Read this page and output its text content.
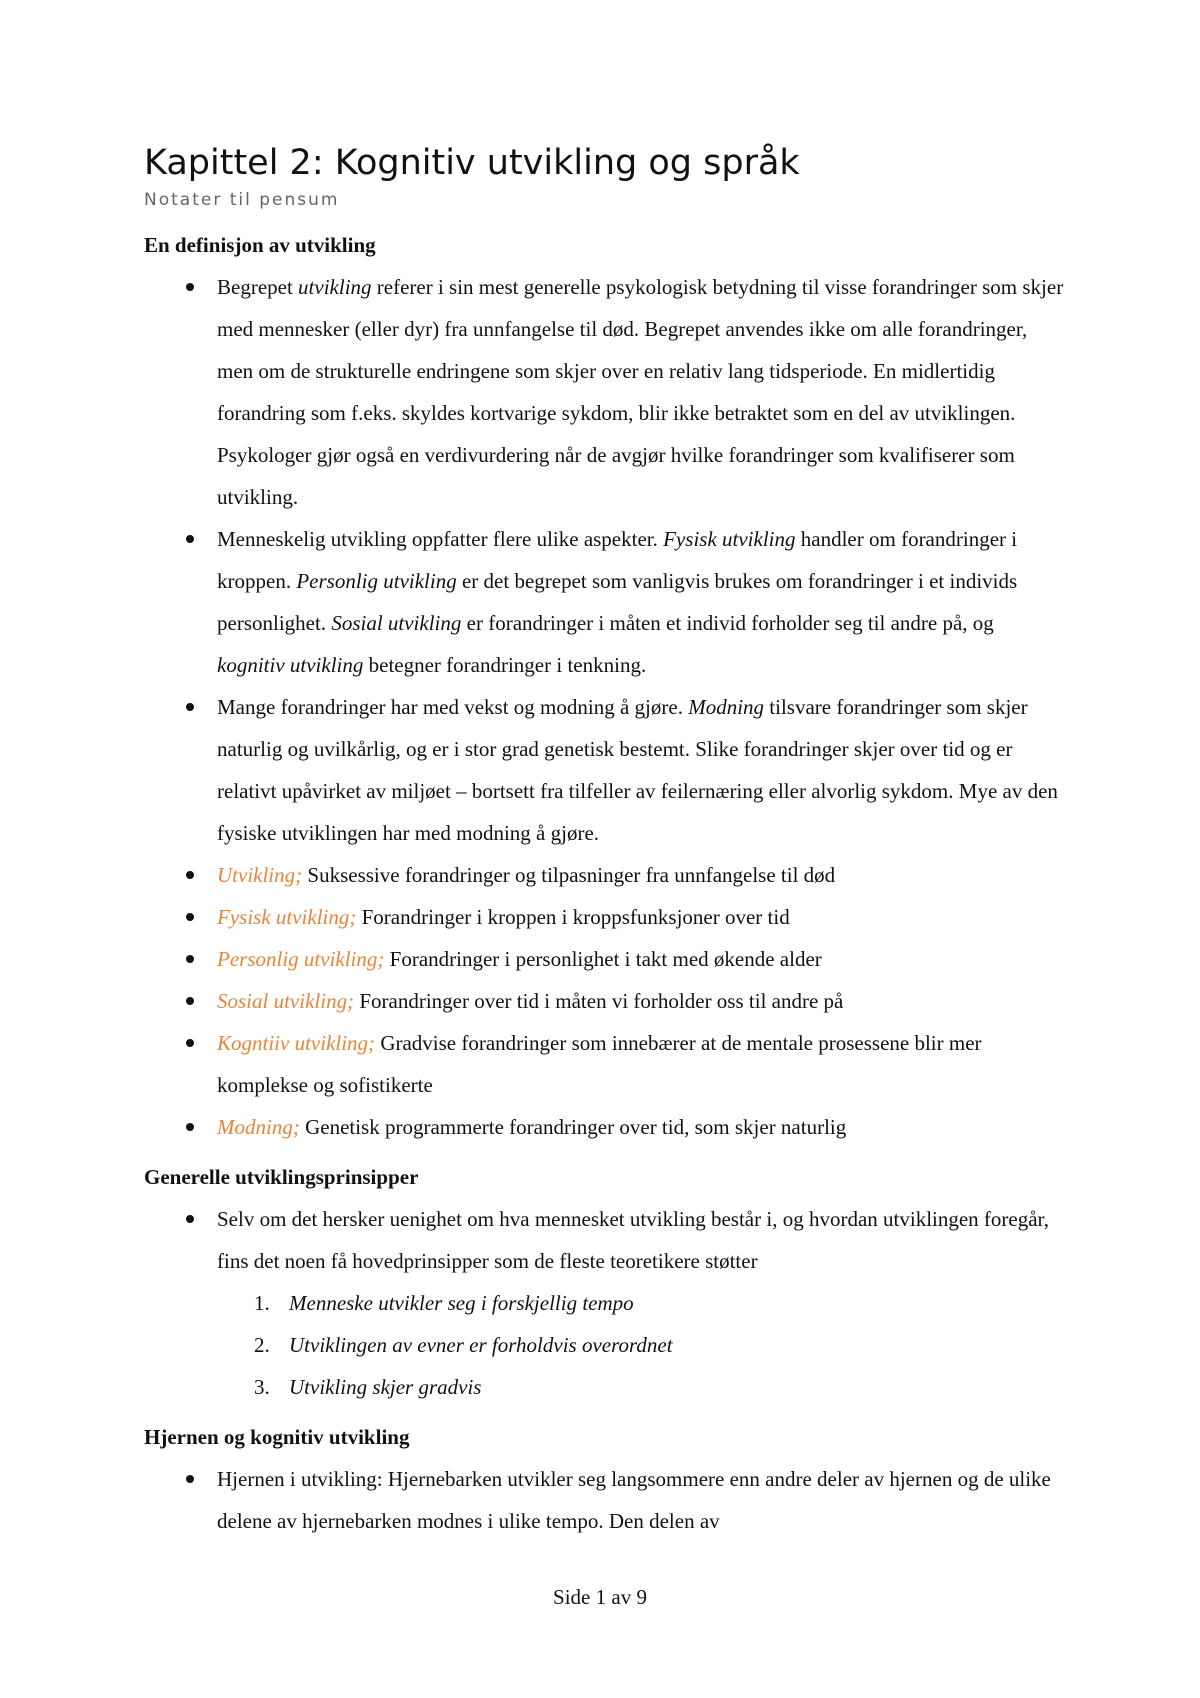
Kapittel 2: Kognitiv utvikling og språk
Notater til pensum
En definisjon av utvikling
Begrepet utvikling referer i sin mest generelle psykologisk betydning til visse forandringer som skjer med mennesker (eller dyr) fra unnfangelse til død. Begrepet anvendes ikke om alle forandringer, men om de strukturelle endringene som skjer over en relativ lang tidsperiode. En midlertidig forandring som f.eks. skyldes kortvarige sykdom, blir ikke betraktet som en del av utviklingen. Psykologer gjør også en verdivurdering når de avgjør hvilke forandringer som kvalifiserer som utvikling.
Menneskelig utvikling oppfatter flere ulike aspekter. Fysisk utvikling handler om forandringer i kroppen. Personlig utvikling er det begrepet som vanligvis brukes om forandringer i et individs personlighet. Sosial utvikling er forandringer i måten et individ forholder seg til andre på, og kognitiv utvikling betegner forandringer i tenkning.
Mange forandringer har med vekst og modning å gjøre. Modning tilsvare forandringer som skjer naturlig og uvilkårlig, og er i stor grad genetisk bestemt. Slike forandringer skjer over tid og er relativt upåvirket av miljøet – bortsett fra tilfeller av feilernæring eller alvorlig sykdom. Mye av den fysiske utviklingen har med modning å gjøre.
Utvikling; Suksessive forandringer og tilpasninger fra unnfangelse til død
Fysisk utvikling; Forandringer i kroppen i kroppsfunksjoner over tid
Personlig utvikling; Forandringer i personlighet i takt med økende alder
Sosial utvikling; Forandringer over tid i måten vi forholder oss til andre på
Kogntiiv utvikling; Gradvise forandringer som innebærer at de mentale prosessene blir mer komplekse og sofistikerte
Modning; Genetisk programmerte forandringer over tid, som skjer naturlig
Generelle utviklingsprinsipper
Selv om det hersker uenighet om hva mennesket utvikling består i, og hvordan utviklingen foregår, fins det noen få hovedprinsipper som de fleste teoretikere støtter
1. Menneske utvikler seg i forskjellig tempo
2. Utviklingen av evner er forholdvis overordnet
3. Utvikling skjer gradvis
Hjernen og kognitiv utvikling
Hjernen i utvikling: Hjernebarken utvikler seg langsommere enn andre deler av hjernen og de ulike delene av hjernebarken modnes i ulike tempo. Den delen av
Side 1 av 9
